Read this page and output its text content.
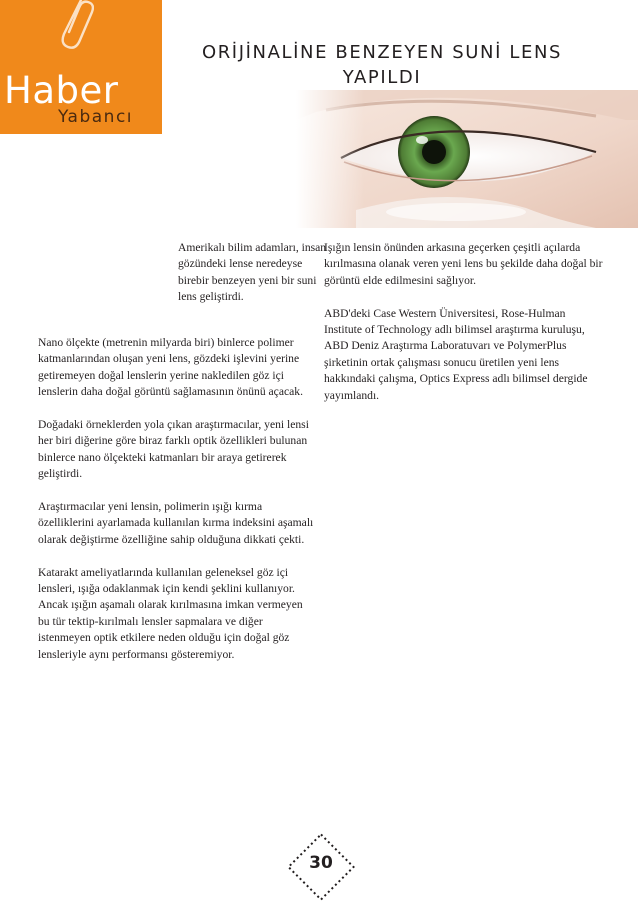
Haber
Yabancı
ORİJİNALİNE BENZEYEN SUNİ LENS YAPILDI

Amerikalı bilim adamları, insan gözündeki lense neredeyse birebir benzeyen yeni bir suni lens geliştirdi.

Nano ölçekte (metrenin milyarda biri) binlerce polimer katmanlarından oluşan yeni lens, gözdeki işlevini yerine getiremeyen doğal lenslerin yerine nakledilen göz içi lenslerin daha doğal görüntü sağlamasının önünü açacak.

Doğadaki örneklerden yola çıkan araştırmacılar, yeni lensi her biri diğerine göre biraz farklı optik özellikleri bulunan binlerce nano ölçekteki katmanları bir araya getirerek geliştirdi.

Araştırmacılar yeni lensin, polimerin ışığı kırma özelliklerini ayarlamada kullanılan kırma indeksini aşamalı olarak değiştirme özelliğine sahip olduğuna dikkati çekti.

Katarakt ameliyatlarında kullanılan geleneksel göz içi lensleri, ışığa odaklanmak için kendi şeklini kullanıyor. Ancak ışığın aşamalı olarak kırılmasına imkan vermeyen bu tür tektip-kırılmalı lensler sapmalara ve diğer istenmeyen optik etkilere neden olduğu için doğal göz lensleriyle aynı performansı gösteremiyor.

Işığın lensin önünden arkasına geçerken çeşitli açılarda kırılmasına olanak veren yeni lens bu şekilde daha doğal bir görüntü elde edilmesini sağlıyor.

ABD'deki Case Western Üniversitesi, Rose-Hulman Institute of Technology adlı bilimsel araştırma kuruluşu, ABD Deniz Araştırma Laboratuvarı ve PolymerPlus şirketinin ortak çalışması sonucu üretilen yeni lens hakkındaki çalışma, Optics Express adlı bilimsel dergide yayımlandı.

30
